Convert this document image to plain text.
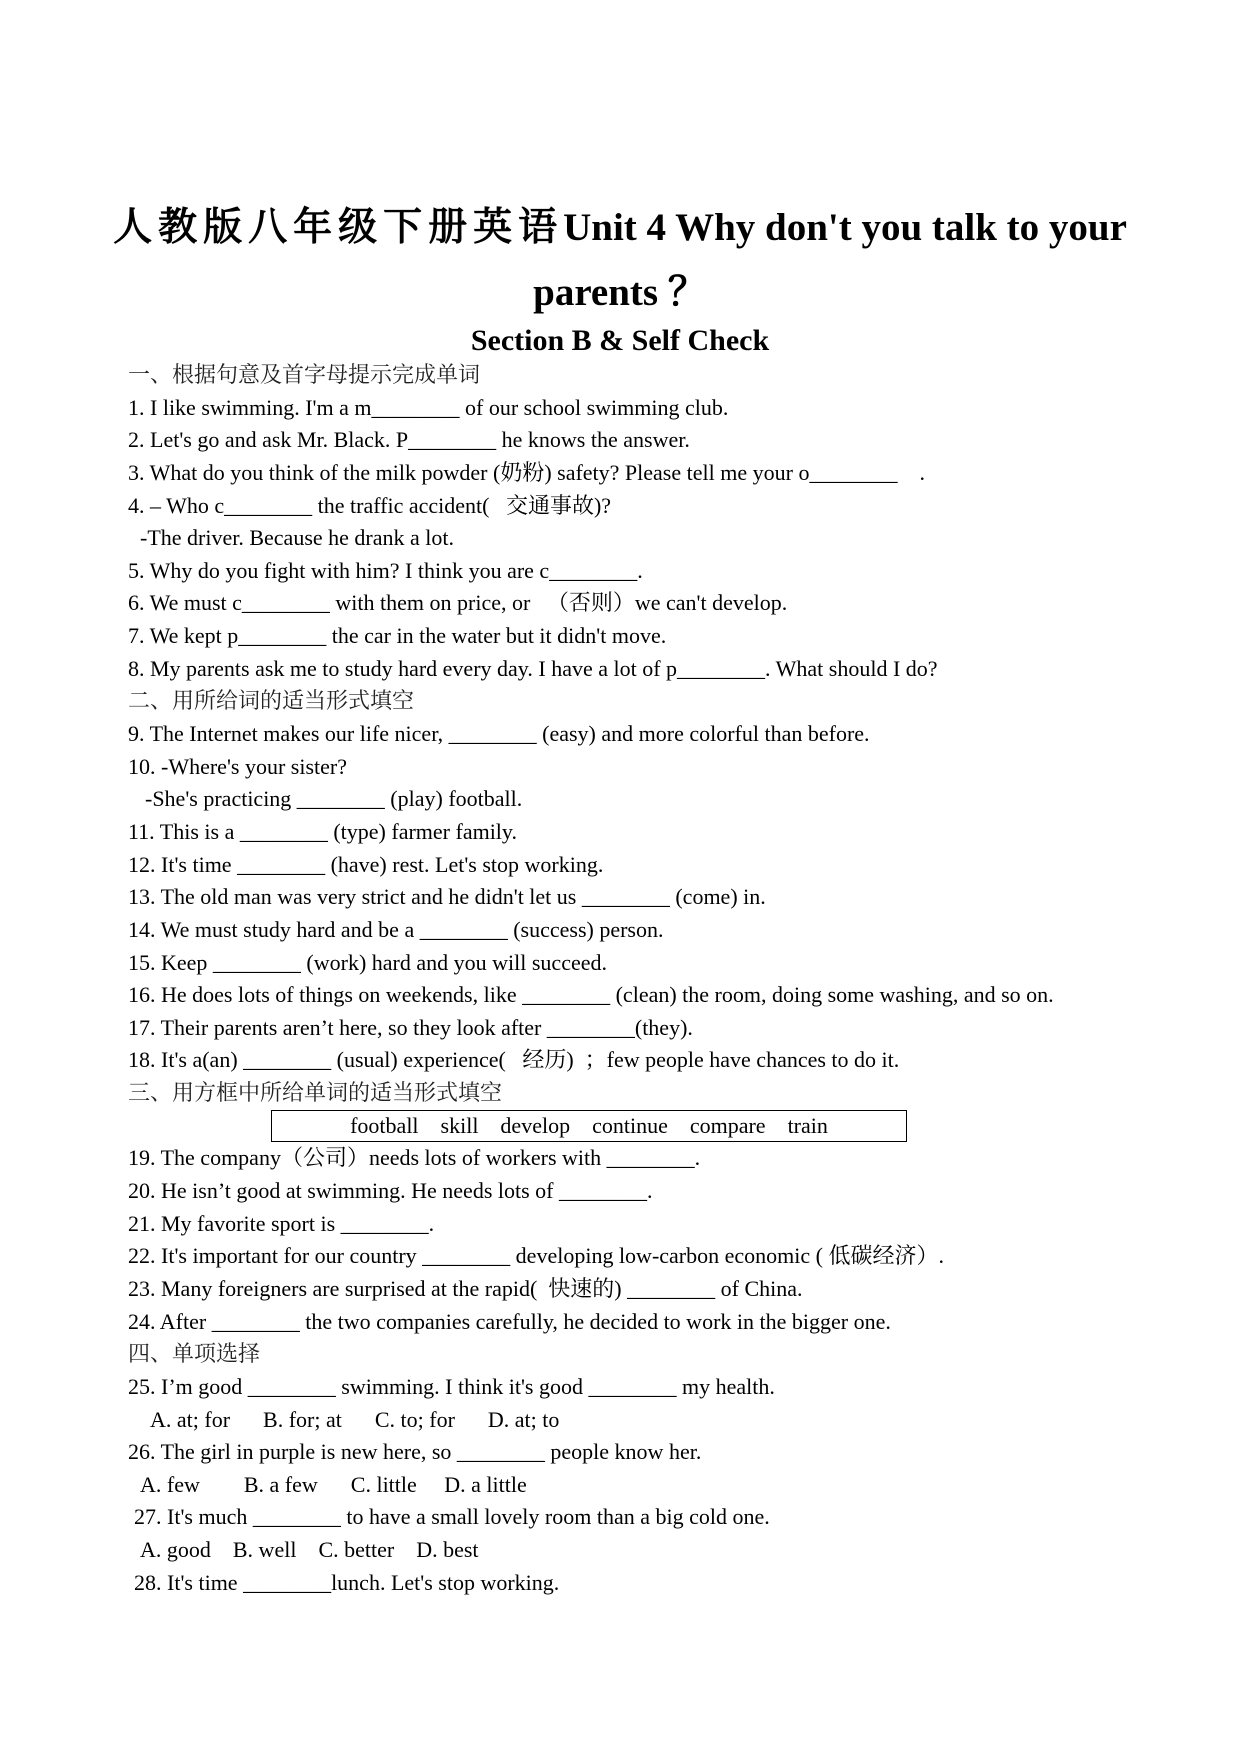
人教版八年级下册英语Unit 4 Why don't you talk to your
parents ？
Section B & Self Check
一、根据句意及首字母提示完成单词
1. I like swimming. I'm a m________ of our school swimming club.
2. Let's go and ask Mr. Black. P________ he knows the answer.
3. What do you think of the milk powder (奶粉) safety? Please tell me your o________    .
4. – Who c________ the traffic accident(   交通事故)?
-The driver. Because he drank a lot.
5. Why do you fight with him? I think you are c________.
6. We must c________ with them on price, or   （否则）we can't develop.
7. We kept p________ the car in the water but it didn't move.
8. My parents ask me to study hard every day. I have a lot of p________. What should I do?
二、用所给词的适当形式填空
9. The Internet makes our life nicer, ________ (easy) and more colorful than before.
10. -Where's your sister?
-She's practicing ________ (play) football.
11. This is a ________ (type) farmer family.
12. It's time ________ (have) rest. Let's stop working.
13. The old man was very strict and he didn't let us ________ (come) in.
14. We must study hard and be a ________ (success) person.
15. Keep ________ (work) hard and you will succeed.
16. He does lots of things on weekends, like ________ (clean) the room, doing some washing, and so on.
17. Their parents aren’t here, so they look after ________(they).
18. It's a(an) ________ (usual) experience(   经历)  ；few people have chances to do it.
三、用方框中所给单词的适当形式填空

football    skill    develop    continue    compare    train

19. The company（公司）needs lots of workers with ________.
20. He isn’t good at swimming. He needs lots of ________.
21. My favorite sport is ________.
22. It's important for our country ________ developing low-carbon economic ( 低碳经济）.
23. Many foreigners are surprised at the rapid(  快速的) ________ of China.
24. After ________ the two companies carefully, he decided to work in the bigger one.
四、单项选择
25. I’m good ________ swimming. I think it's good ________ my health.
A. at; for      B. for; at      C. to; for      D. at; to
26. The girl in purple is new here, so ________ people know her.
A. few        B. a few      C. little     D. a little
27. It's much ________ to have a small lovely room than a big cold one.
A. good    B. well    C. better    D. best
28. It's time ________lunch. Let's stop working.
